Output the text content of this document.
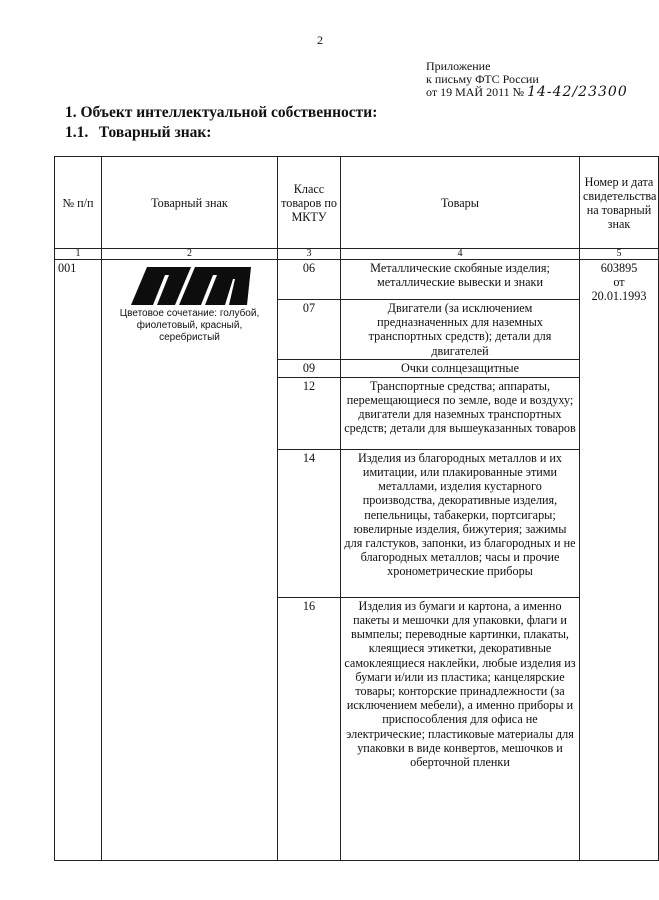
2
Приложение
к письму ФТС России
от 19 МАЙ 2011 № 14-42/23300
1. Объект интеллектуальной собственности:
1.1. Товарный знак:
№ п/п	Товарный знак	Класс товаров по МКТУ	Товары	Номер и дата свидетельства на товарный знак
1	2	3	4	5
001	Цветовое сочетание: голубой, фиолетовый, красный, серебристый	06	Металлические скобяные изделия; металлические вывески и знаки	603895
от
20.01.1993

		07	Двигатели (за исключением предназначенных для наземных транспортных средств); детали для двигателей	
		09	Очки солнцезащитные	
		12	Транспортные средства; аппараты, перемещающиеся по земле, воде и воздуху; двигатели для наземных транспортных средств; детали для вышеуказанных товаров	
		14	Изделия из благородных металлов и их имитации, или плакированные этими металлами, изделия кустарного производства, декоративные изделия, пепельницы, табакерки, портсигары; ювелирные изделия, бижутерия; зажимы для галстуков, запонки, из благородных и не благородных металлов; часы и прочие хронометрические приборы	
		16	Изделия из бумаги и картона, а именно пакеты и мешочки для упаковки, флаги и вымпелы; переводные картинки, плакаты, клеящиеся этикетки, декоративные самоклеящиеся наклейки, любые изделия из бумаги и/или из пластика; канцелярские товары; конторские принадлежности (за исключением мебели), а именно приборы и приспособления для офиса не электрические; пластиковые материалы для упаковки в виде конвертов, мешочков и оберточной пленки	
